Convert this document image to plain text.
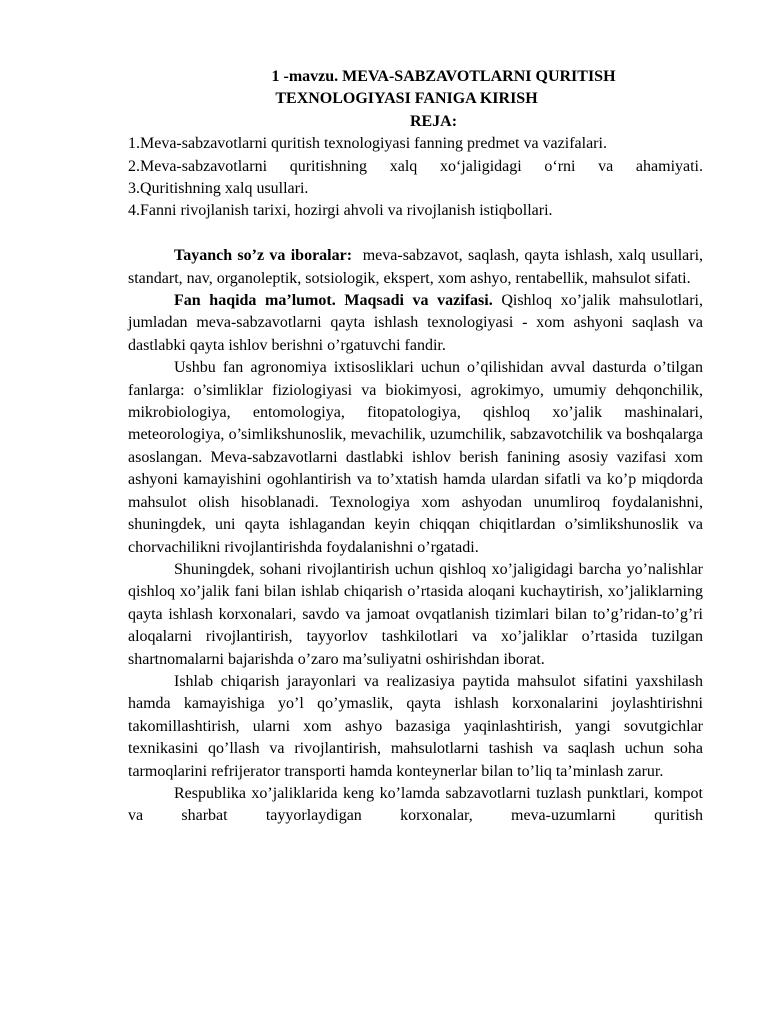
1 -mavzu. MEVA-SABZAVOTLARNI QURITISH
TEXNOLOGIYASI FANIGA KIRISH

REJA:

1.Meva-sabzavotlarni quritish texnologiyasi fanning predmet va vazifalari.

2.Meva-sabzavotlarni quritishning xalq xo‘jaligidagi o‘rni va ahamiyati.

3.Quritishning xalq usullari.

4.Fanni rivojlanish tarixi, hozirgi ahvoli va rivojlanish istiqbollari.

Tayanch so’z va iboralar: meva-sabzavot, saqlash, qayta ishlash, xalq usullari, standart, nav, organoleptik, sotsiologik, ekspert, xom ashyo, rentabellik, mahsulot sifati.

Fan haqida ma’lumot. Maqsadi va vazifasi. Qishloq xo’jalik mahsulotlari, jumladan meva-sabzavotlarni qayta ishlash texnologiyasi - xom ashyoni saqlash va dastlabki qayta ishlov berishni o’rgatuvchi fandir.

Ushbu fan agronomiya ixtisosliklari uchun o’qilishidan avval dasturda o’tilgan fanlarga: o’simliklar fiziologiyasi va biokimyosi, agrokimyo, umumiy dehqonchilik, mikrobiologiya, entomologiya, fitopatologiya, qishloq xo’jalik mashinalari, meteorologiya, o’simlikshunoslik, mevachilik, uzumchilik, sabzavotchilik va boshqalarga asoslangan. Meva-sabzavotlarni dastlabki ishlov berish fanining asosiy vazifasi xom ashyoni kamayishini ogohlantirish va to’xtatish hamda ulardan sifatli va ko’p miqdorda mahsulot olish hisoblanadi. Texnologiya xom ashyodan unumliroq foydalanishni, shuningdek, uni qayta ishlagandan keyin chiqqan chiqitlardan o’simlikshunoslik va chorvachilikni rivojlantirishda foydalanishni o’rgatadi.

Shuningdek, sohani rivojlantirish uchun qishloq xo’jaligidagi barcha yo’nalishlar qishloq xo’jalik fani bilan ishlab chiqarish o’rtasida aloqani kuchaytirish, xo’jaliklarning qayta ishlash korxonalari, savdo va jamoat ovqatlanish tizimlari bilan to’g’ridan-to’g’ri aloqalarni rivojlantirish, tayyorlov tashkilotlari va xo’jaliklar o’rtasida tuzilgan shartnomalarni bajarishda o’zaro ma’suliyatni oshirishdan iborat.

Ishlab chiqarish jarayonlari va realizasiya paytida mahsulot sifatini yaxshilash hamda kamayishiga yo’l qo’ymaslik, qayta ishlash korxonalarini joylashtirishni takomillashtirish, ularni xom ashyo bazasiga yaqinlashtirish, yangi sovutgichlar texnikasini qo’llash va rivojlantirish, mahsulotlarni tashish va saqlash uchun soha tarmoqlarini refrijerator transporti hamda konteynerlar bilan to’liq ta’minlash zarur.

Respublika xo’jaliklarida keng ko’lamda sabzavotlarni tuzlash punktlari, kompot va sharbat tayyorlaydigan korxonalar, meva-uzumlarni quritish
